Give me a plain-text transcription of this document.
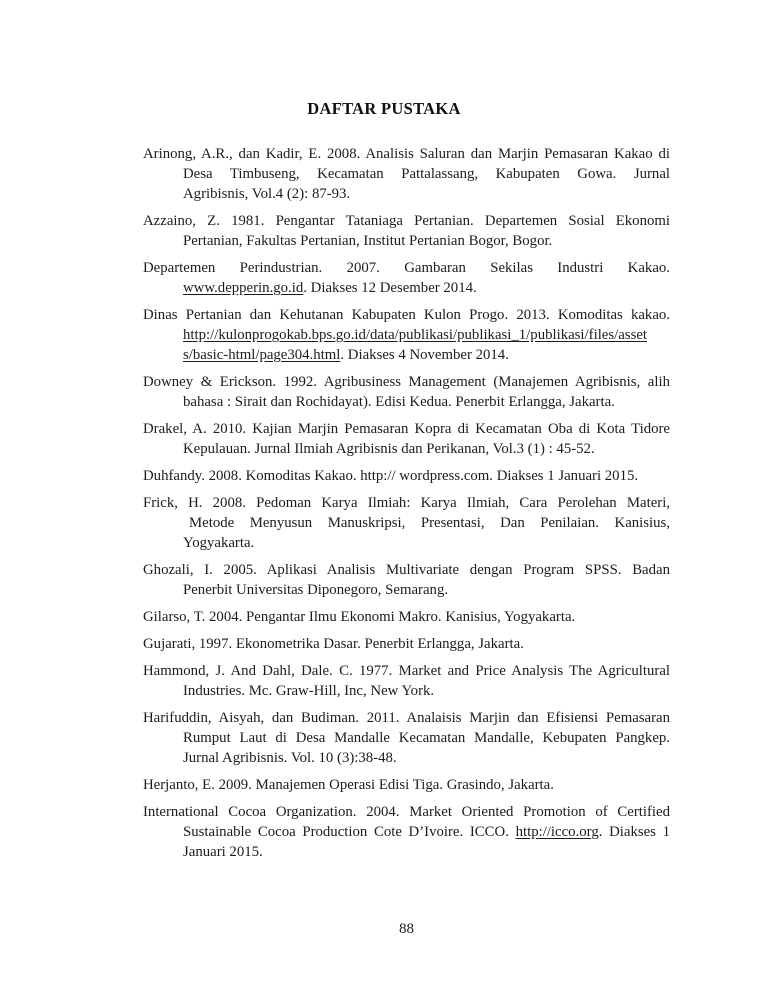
DAFTAR PUSTAKA
Arinong, A.R., dan Kadir, E. 2008. Analisis Saluran dan Marjin Pemasaran Kakao di
Desa Timbuseng, Kecamatan Pattalassang, Kabupaten Gowa. Jurnal
Agribisnis, Vol.4 (2): 87-93.
Azzaino, Z. 1981. Pengantar Tataniaga Pertanian. Departemen Sosial Ekonomi
Pertanian, Fakultas Pertanian, Institut Pertanian Bogor, Bogor.
Departemen Perindustrian. 2007. Gambaran Sekilas Industri Kakao.
www.depperin.go.id. Diakses 12 Desember 2014.
Dinas Pertanian dan Kehutanan Kabupaten Kulon Progo. 2013. Komoditas kakao.
http://kulonprogokab.bps.go.id/data/publikasi/publikasi_1/publikasi/files/asset
s/basic-html/page304.html. Diakses 4 November 2014.
Downey & Erickson. 1992. Agribusiness Management (Manajemen Agribisnis, alih
bahasa : Sirait dan Rochidayat). Edisi Kedua. Penerbit Erlangga, Jakarta.
Drakel, A. 2010. Kajian Marjin Pemasaran Kopra di Kecamatan Oba di Kota Tidore
Kepulauan. Jurnal Ilmiah Agribisnis dan Perikanan, Vol.3 (1) : 45-52.
Duhfandy. 2008. Komoditas Kakao. http:// wordpress.com. Diakses 1 Januari 2015.
Frick, H. 2008. Pedoman Karya Ilmiah: Karya Ilmiah, Cara Perolehan Materi,
Metode Menyusun Manuskripsi, Presentasi, Dan Penilaian. Kanisius,
Yogyakarta.
Ghozali, I. 2005. Aplikasi Analisis Multivariate dengan Program SPSS. Badan
Penerbit Universitas Diponegoro, Semarang.
Gilarso, T. 2004. Pengantar Ilmu Ekonomi Makro. Kanisius, Yogyakarta.
Gujarati, 1997. Ekonometrika Dasar. Penerbit Erlangga, Jakarta.
Hammond, J. And Dahl, Dale. C. 1977. Market and Price Analysis The Agricultural
Industries. Mc. Graw-Hill, Inc, New York.
Harifuddin, Aisyah, dan Budiman. 2011. Analaisis Marjin dan Efisiensi Pemasaran
Rumput Laut di Desa Mandalle Kecamatan Mandalle, Kebupaten Pangkep.
Jurnal Agribisnis. Vol. 10 (3):38-48.
Herjanto, E. 2009. Manajemen Operasi Edisi Tiga. Grasindo, Jakarta.
International Cocoa Organization. 2004. Market Oriented Promotion of Certified
Sustainable Cocoa Production Cote D’Ivoire. ICCO. http://icco.org. Diakses 1
Januari 2015.
88
